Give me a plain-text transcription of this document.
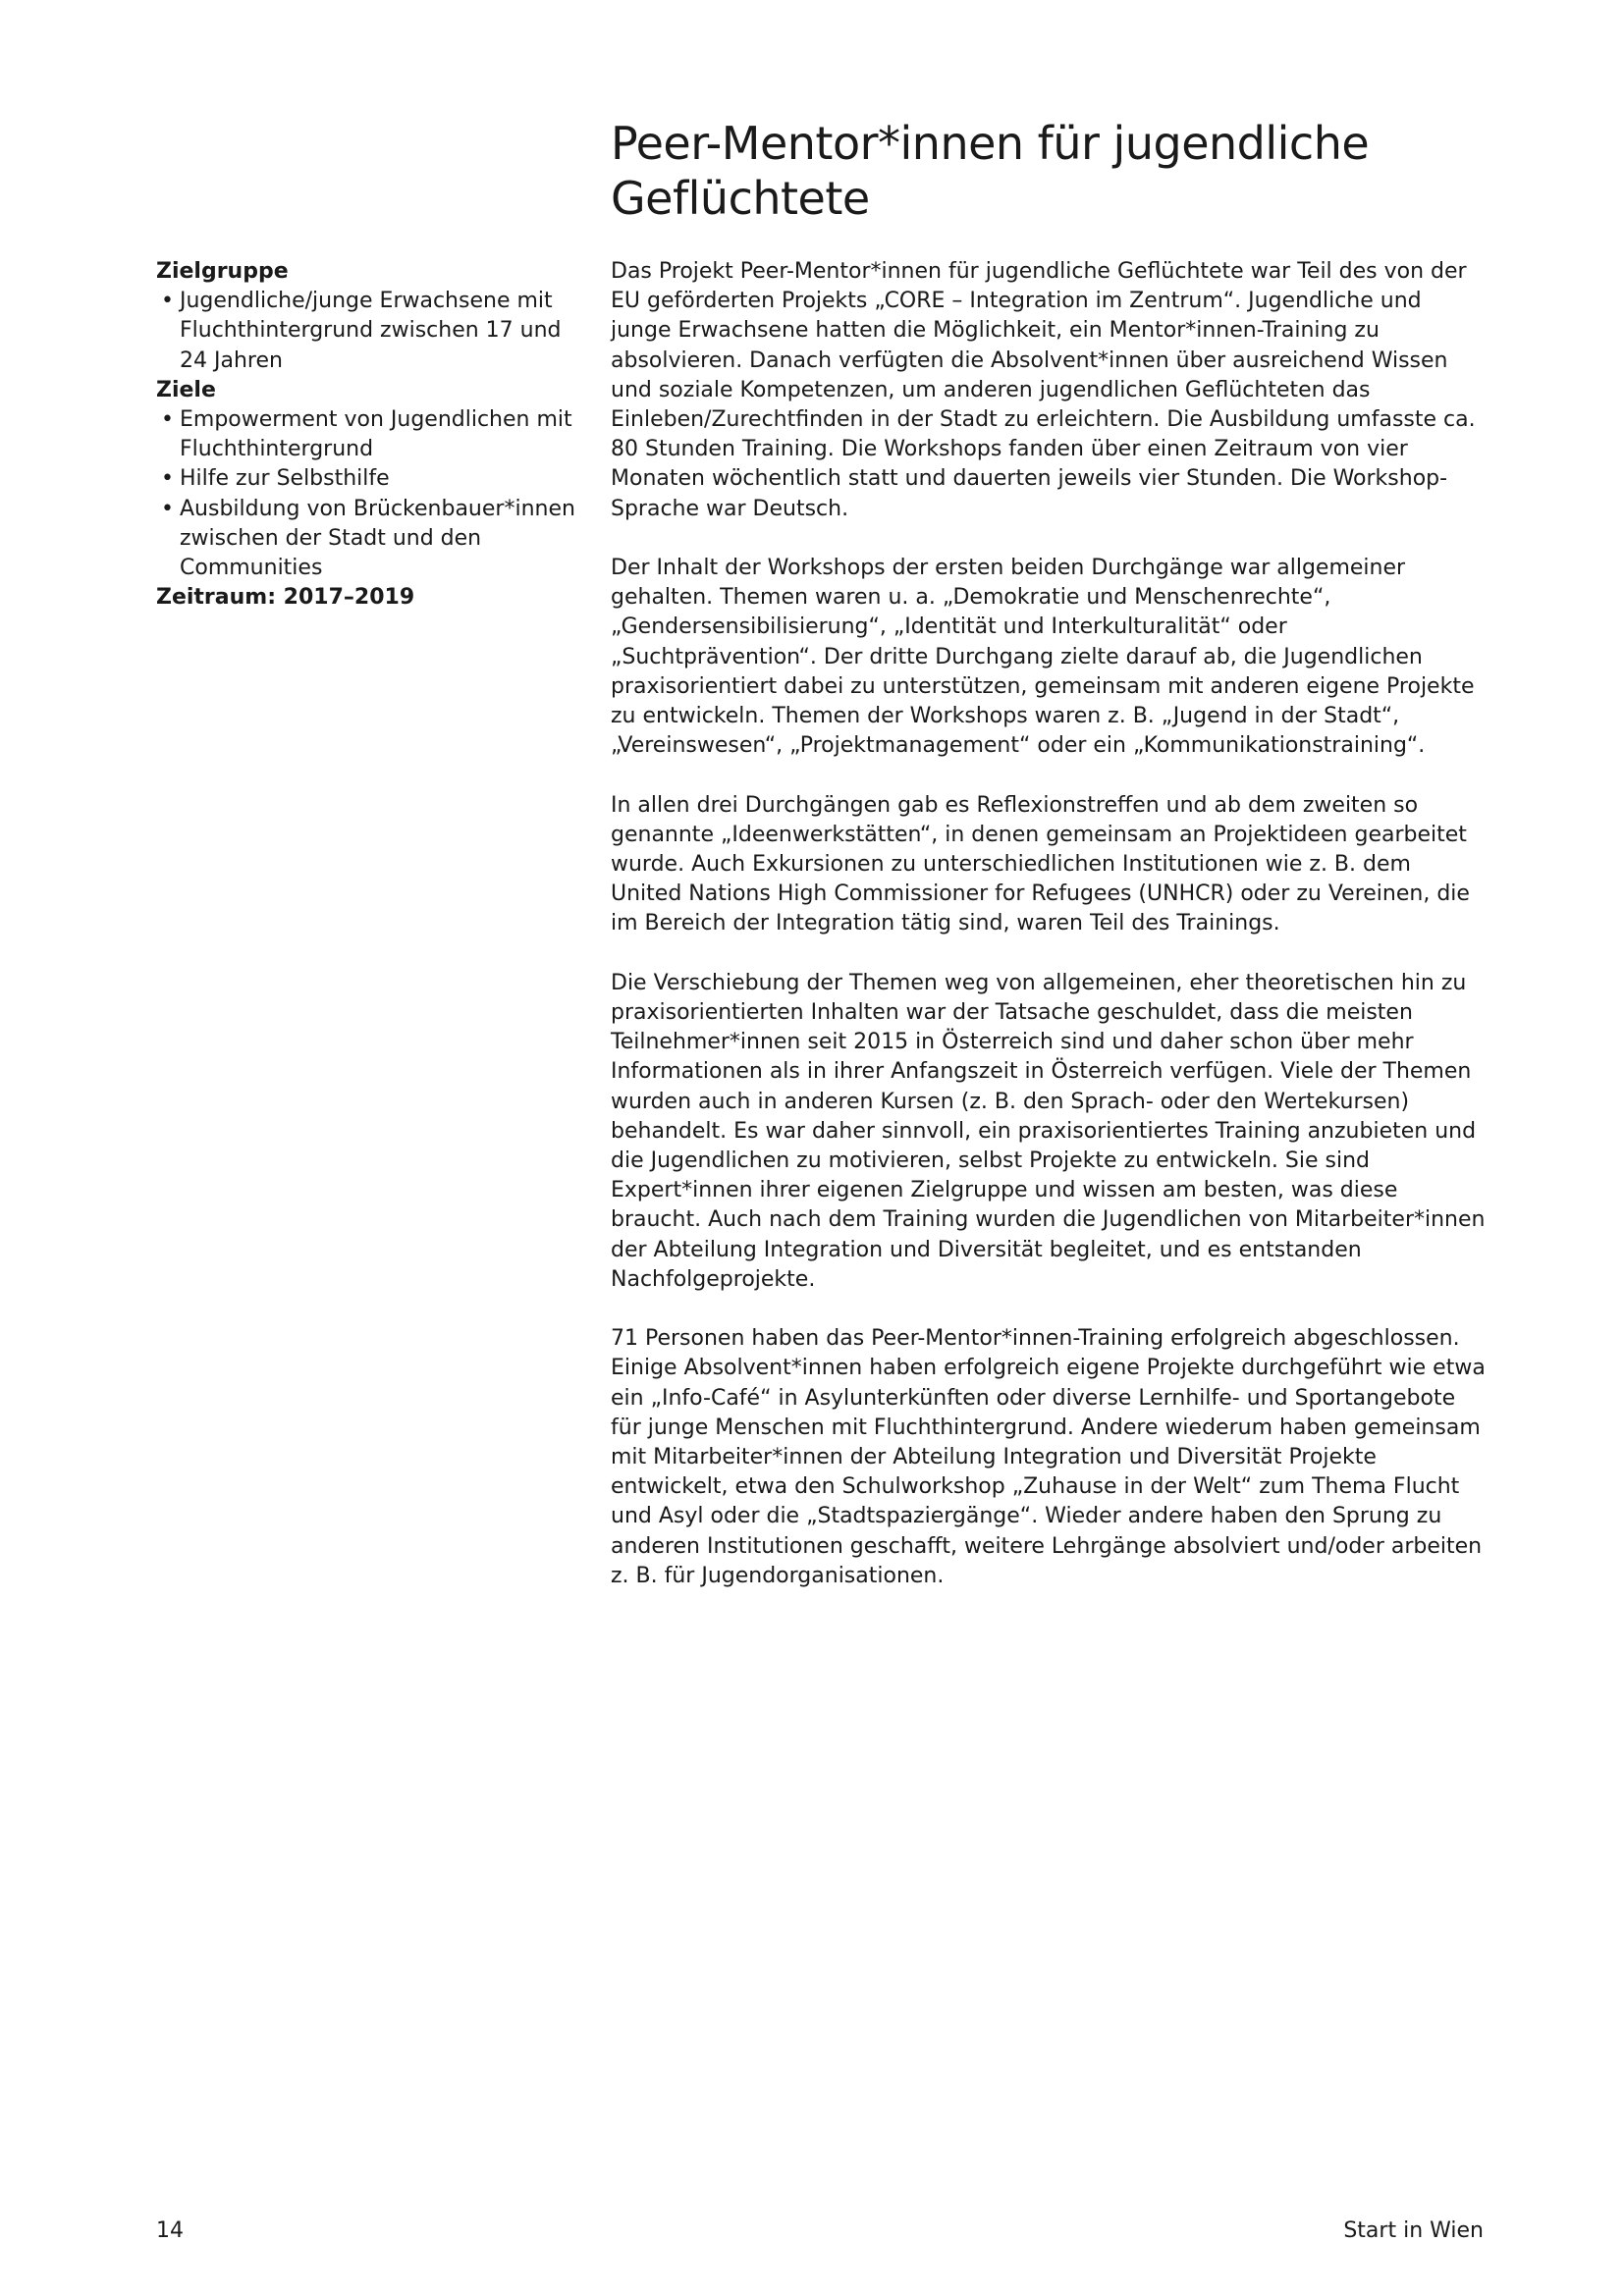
Peer-Mentor*innen für jugendliche Geflüchtete
Zielgruppe
• Jugendliche/junge Erwachsene mit Fluchthintergrund zwischen 17 und 24 Jahren
Ziele
• Empowerment von Jugendlichen mit Fluchthintergrund
• Hilfe zur Selbsthilfe
• Ausbildung von Brückenbauer*innen zwischen der Stadt und den Communities
Zeitraum: 2017–2019

Das Projekt Peer-Mentor*innen für jugendliche Geflüchtete war Teil des von der EU geförderten Projekts „CORE – Integration im Zentrum“. Jugendliche und junge Erwachsene hatten die Möglichkeit, ein Mentor*innen-Training zu absolvieren. Danach verfügten die Absolvent*innen über ausreichend Wissen und soziale Kompetenzen, um anderen jugendlichen Geflüchteten das Einleben/Zurechtfinden in der Stadt zu erleichtern. Die Ausbildung umfasste ca. 80 Stunden Training. Die Workshops fanden über einen Zeitraum von vier Monaten wöchentlich statt und dauerten jeweils vier Stunden. Die Workshop-Sprache war Deutsch.

Der Inhalt der Workshops der ersten beiden Durchgänge war allgemeiner gehalten. Themen waren u. a. „Demokratie und Menschenrechte“, „Gendersensibilisierung“, „Identität und Interkulturalität“ oder „Suchtprävention“. Der dritte Durchgang zielte darauf ab, die Jugendlichen praxisorientiert dabei zu unterstützen, gemeinsam mit anderen eigene Projekte zu entwickeln. Themen der Workshops waren z. B. „Jugend in der Stadt“, „Vereinswesen“, „Projektmanagement“ oder ein „Kommunikationstraining“.

In allen drei Durchgängen gab es Reflexionstreffen und ab dem zweiten so genannte „Ideenwerkstätten“, in denen gemeinsam an Projektideen gearbeitet wurde. Auch Exkursionen zu unterschiedlichen Institutionen wie z. B. dem United Nations High Commissioner for Refugees (UNHCR) oder zu Vereinen, die im Bereich der Integration tätig sind, waren Teil des Trainings.

Die Verschiebung der Themen weg von allgemeinen, eher theoretischen hin zu praxisorientierten Inhalten war der Tatsache geschuldet, dass die meisten Teilnehmer*innen seit 2015 in Österreich sind und daher schon über mehr Informationen als in ihrer Anfangszeit in Österreich verfügen. Viele der Themen wurden auch in anderen Kursen (z. B. den Sprach- oder den Wertekursen) behandelt. Es war daher sinnvoll, ein praxisorientiertes Training anzubieten und die Jugendlichen zu motivieren, selbst Projekte zu entwickeln. Sie sind Expert*innen ihrer eigenen Zielgruppe und wissen am besten, was diese braucht. Auch nach dem Training wurden die Jugendlichen von Mitarbeiter*innen der Abteilung Integration und Diversität begleitet, und es entstanden Nachfolgeprojekte.

71 Personen haben das Peer-Mentor*innen-Training erfolgreich abgeschlossen. Einige Absolvent*innen haben erfolgreich eigene Projekte durchgeführt wie etwa ein „Info-Café“ in Asylunterkünften oder diverse Lernhilfe- und Sportangebote für junge Menschen mit Fluchthintergrund. Andere wiederum haben gemeinsam mit Mitarbeiter*innen der Abteilung Integration und Diversität Projekte entwickelt, etwa den Schulworkshop „Zuhause in der Welt“ zum Thema Flucht und Asyl oder die „Stadtspaziergänge“. Wieder andere haben den Sprung zu anderen Institutionen geschafft, weitere Lehrgänge absolviert und/oder arbeiten z. B. für Jugendorganisationen.

14	Start in Wien
